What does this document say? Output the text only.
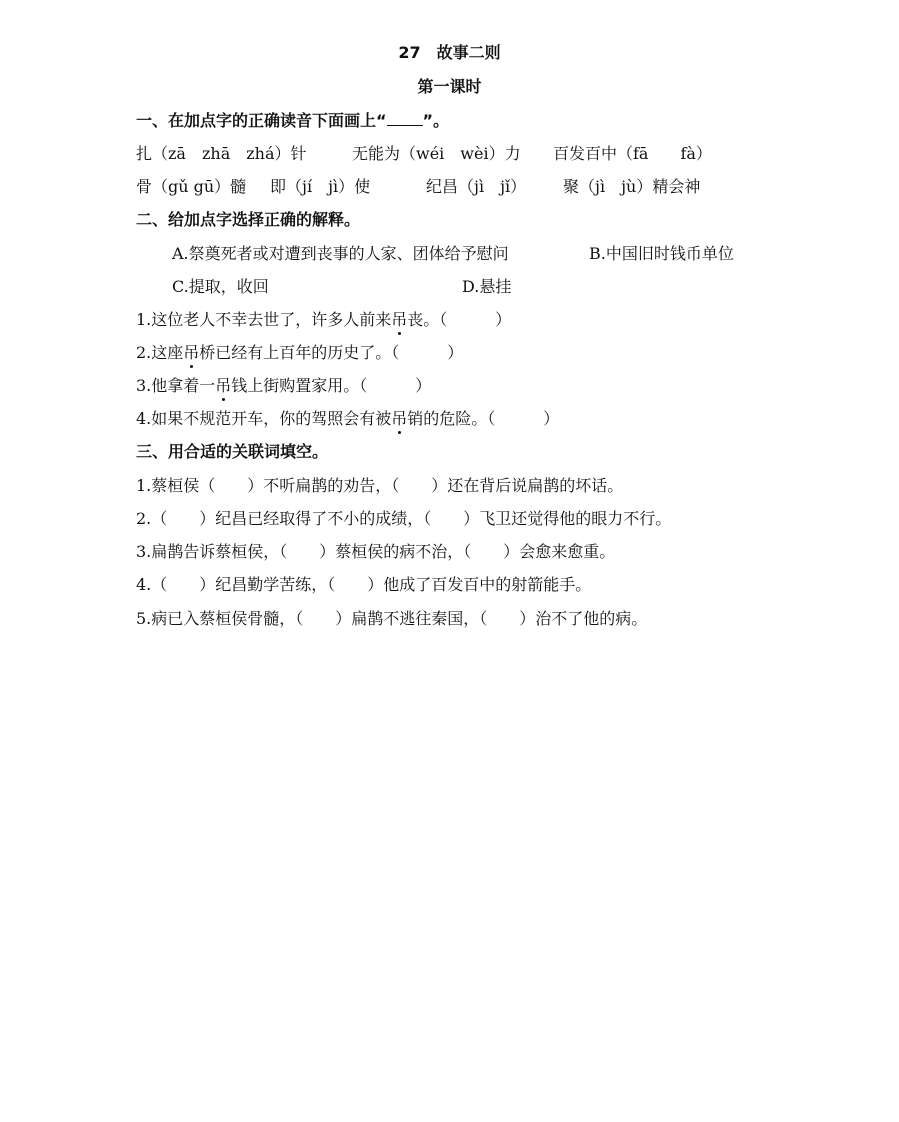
27　故事二则
第一课时
一、在加点字的正确读音下面画上“ ”。
扎（zā　zhā　zhá）针	无能为（wéi　wèi）力 百发百中（fā　　fà）
骨（gǔ gū）髓 即（jí　jì）使	纪昌（jì　jǐ） 聚（jì　jù）精会神
二、给加点字选择正确的解释。
A.祭奠死者或对遭到丧事的人家、团体给予慰问	B.中国旧时钱币单位
C.提取，收回	D.悬挂
1.这位老人不幸去世了，许多人前来吊丧。（　　　）
2.这座吊桥已经有上百年的历史了。（　　　）
3.他拿着一吊钱上街购置家用。（　　　）
4.如果不规范开车，你的驾照会有被吊销的危险。（　　　）
三、用合适的关联词填空。
1.蔡桓侯（　　）不听扁鹊的劝告，（　　）还在背后说扁鹊的坏话。
2.（　　）纪昌已经取得了不小的成绩，（　　）飞卫还觉得他的眼力不行。
3.扁鹊告诉蔡桓侯，（　　）蔡桓侯的病不治，（　　）会愈来愈重。
4.（　　）纪昌勤学苦练，（　　）他成了百发百中的射箭能手。
5.病已入蔡桓侯骨髓，（　　）扁鹊不逃往秦国，（　　）治不了他的病。
